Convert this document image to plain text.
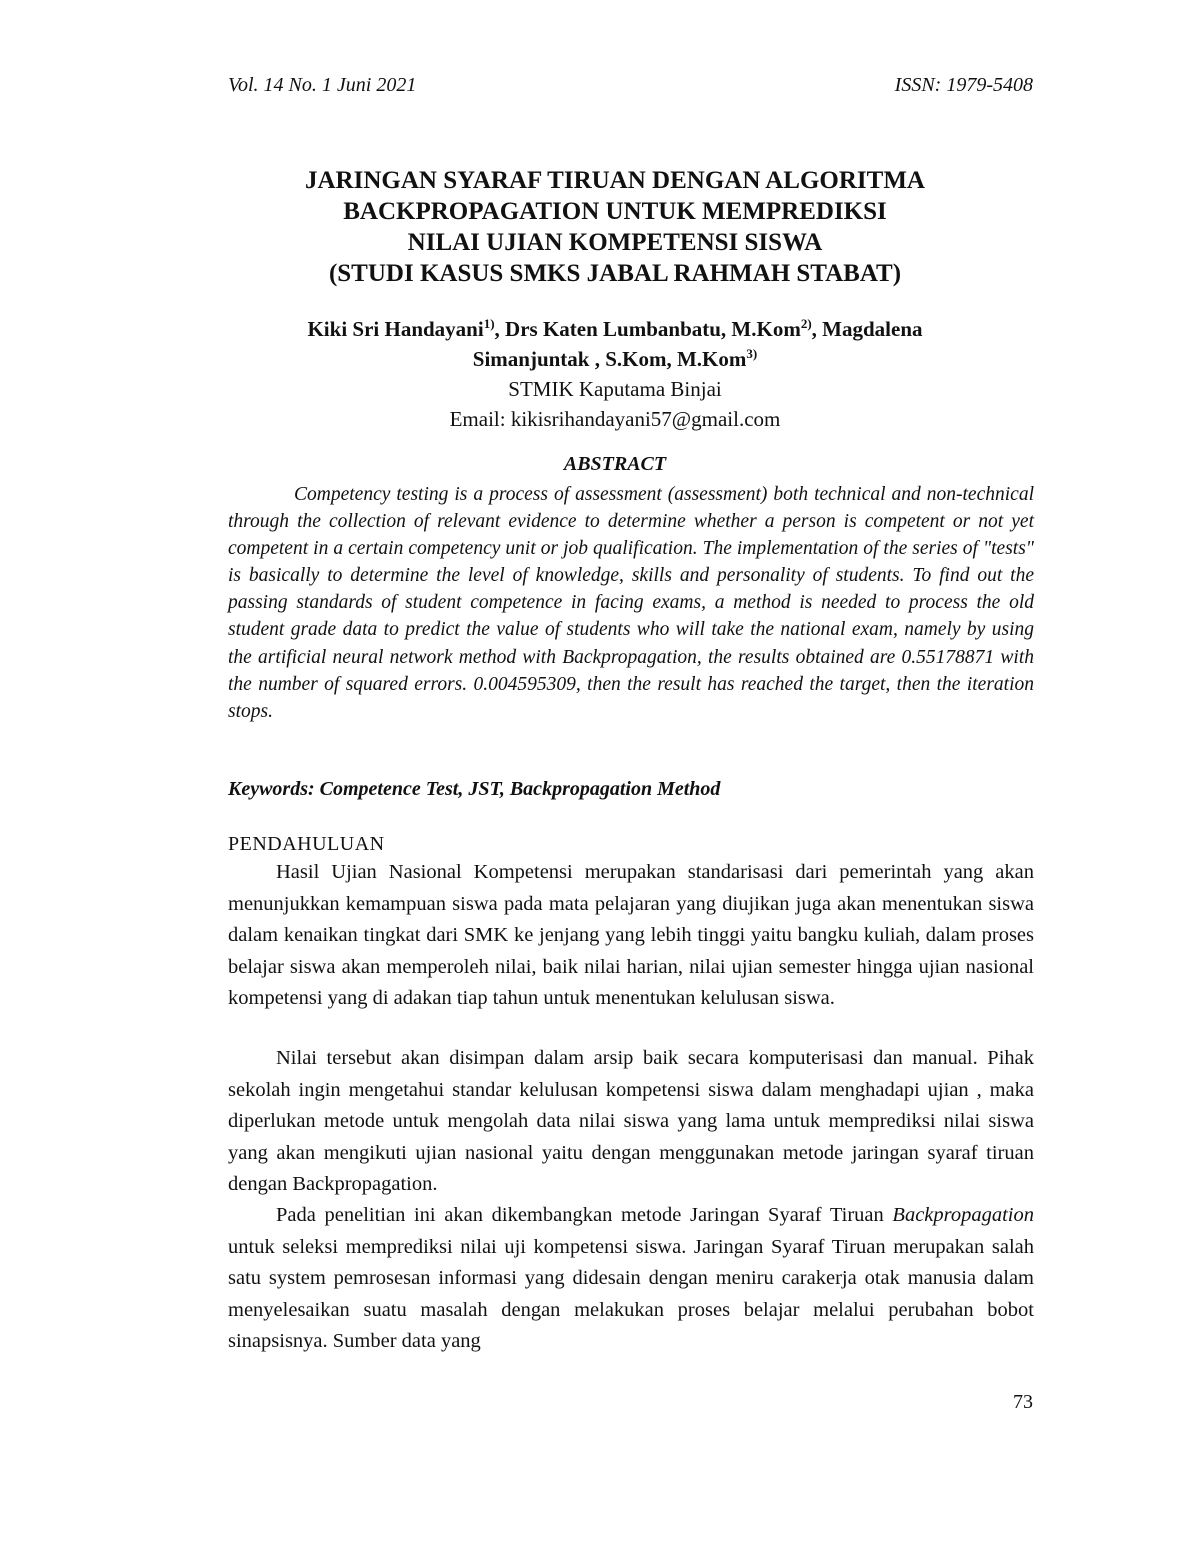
Vol. 14 No. 1 Juni 2021	ISSN: 1979-5408
JARINGAN SYARAF TIRUAN DENGAN ALGORITMA
BACKPROPAGATION UNTUK MEMPREDIKSI
NILAI UJIAN KOMPETENSI SISWA
(STUDI KASUS SMKS JABAL RAHMAH STABAT)
Kiki Sri Handayani$^{1)}$, Drs Katen Lumbanbatu, M.Kom$^{2)}$, Magdalena
Simanjuntak , S.Kom, M.Kom$^{3)}$
STMIK Kaputama Binjai
Email: kikisrihandayani57@gmail.com
ABSTRACT
Competency testing is a process of assessment (assessment) both technical and non-technical through the collection of relevant evidence to determine whether a person is competent or not yet competent in a certain competency unit or job qualification. The implementation of the series of "tests" is basically to determine the level of knowledge, skills and personality of students. To find out the passing standards of student competence in facing exams, a method is needed to process the old student grade data to predict the value of students who will take the national exam, namely by using the artificial neural network method with Backpropagation, the results obtained are 0.55178871 with the number of squared errors. 0.004595309, then the result has reached the target, then the iteration stops.
Keywords: Competence Test, JST, Backpropagation Method
PENDAHULUAN
Hasil Ujian Nasional Kompetensi merupakan standarisasi dari pemerintah yang akan menunjukkan kemampuan siswa pada mata pelajaran yang diujikan juga akan menentukan siswa dalam kenaikan tingkat dari SMK ke jenjang yang lebih tinggi yaitu bangku kuliah, dalam proses belajar siswa akan memperoleh nilai, baik nilai harian, nilai ujian semester hingga ujian nasional kompetensi yang di adakan tiap tahun untuk menentukan kelulusan siswa.
Nilai tersebut akan disimpan dalam arsip baik secara komputerisasi dan manual. Pihak sekolah ingin mengetahui standar kelulusan kompetensi siswa dalam menghadapi ujian , maka diperlukan metode untuk mengolah data nilai siswa yang lama untuk memprediksi nilai siswa yang akan mengikuti ujian nasional yaitu dengan menggunakan metode jaringan syaraf tiruan dengan Backpropagation.
Pada penelitian ini akan dikembangkan metode Jaringan Syaraf Tiruan Backpropagation untuk seleksi memprediksi nilai uji kompetensi siswa. Jaringan Syaraf Tiruan merupakan salah satu system pemrosesan informasi yang didesain dengan meniru carakerja otak manusia dalam menyelesaikan suatu masalah dengan melakukan proses belajar melalui perubahan bobot sinapsisnya. Sumber data yang
73
